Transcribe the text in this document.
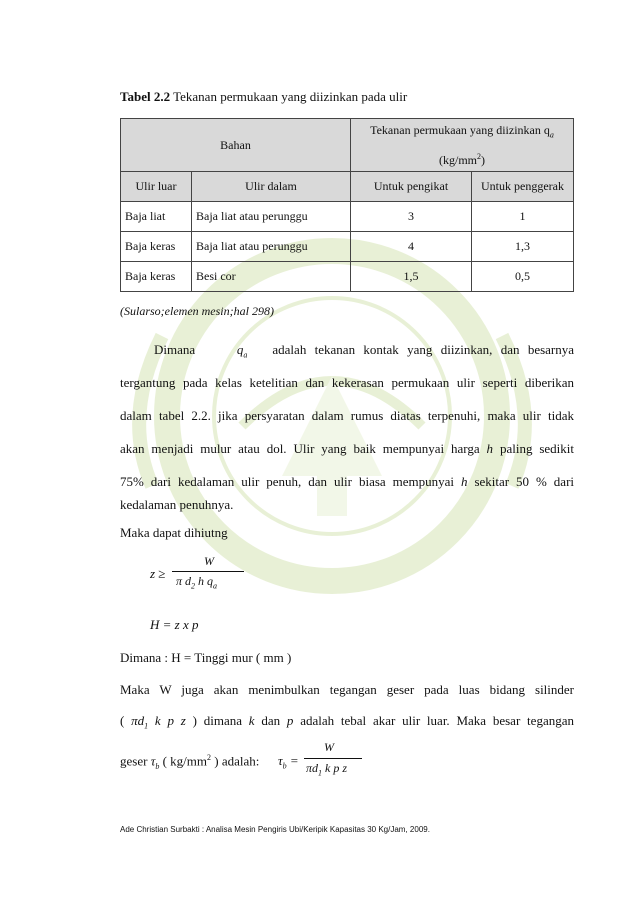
Tabel 2.2 Tekanan permukaan yang diizinkan pada ulir
Bahan		Tekanan permukaan yang diizinkan $q_a$
$(kg/mm^2)$	
Ulir luar	Ulir dalam	Untuk pengikat	Untuk penggerak
Baja liat	Baja liat atau perunggu	3	1
Baja keras	Baja liat atau perunggu	4	1,3
Baja keras	Besi cor	1,5	0,5
(Sularso;elemen mesin;hal 298)
Dimana	$q_a$ adalah tekanan kontak yang diizinkan, dan besarnya
tergantung pada kelas ketelitian dan kekerasan permukaan ulir seperti diberikan
dalam tabel 2.2. jika persyaratan dalam rumus diatas terpenuhi, maka ulir tidak
akan menjadi mulur atau dol. Ulir yang baik mempunyai harga h paling sedikit
75% dari kedalaman ulir penuh, dan ulir biasa mempunyai h sekitar 50 % dari
kedalaman penuhnya.
Maka dapat dihiutng
z ≥
W
π $d_2$ h $q_a$
H = z x p
Dimana : H = Tinggi mur ( mm )
Maka W juga akan menimbulkan tegangan geser pada luas bidang silinder
( $\pi d_1$ k p z ) dimana k dan p adalah tebal akar ulir luar. Maka besar tegangan
geser $\tau_b$ ( $kg/mm^2$ ) adalah: $\tau_b$ =
W
$\pi d_1$ k p z
Ade Christian Surbakti : Analisa Mesin Pengiris Ubi/Keripik Kapasitas 30 Kg/Jam, 2009.
